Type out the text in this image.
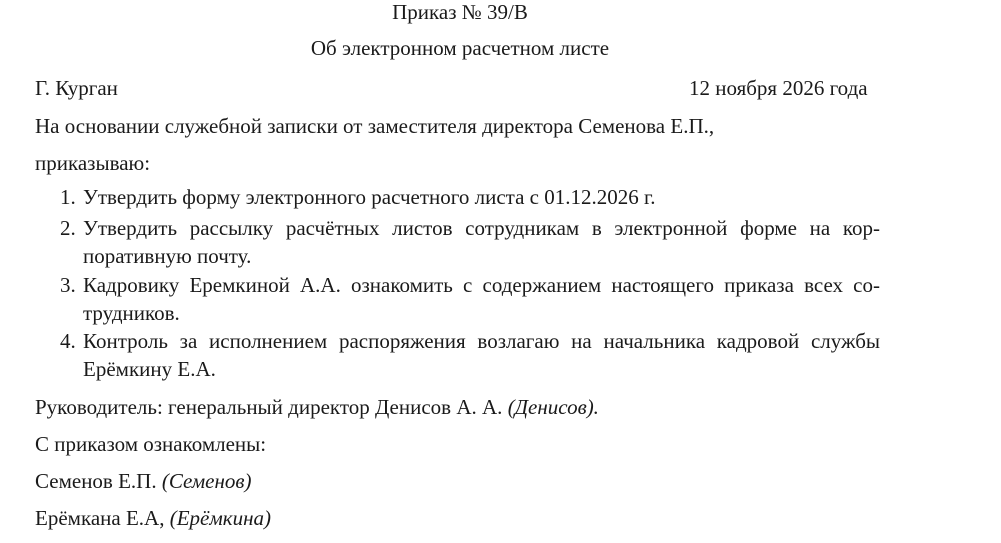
Приказ № 39/В
Об электронном расчетном листе
Г. Курган	12 ноября 2026 года
На основании служебной записки от заместителя директора Семенова Е.П.,
приказываю:
1. Утвердить форму электронного расчетного листа с 01.12.2026 г.
2. Утвердить рассылку расчётных листов сотрудникам в электронной форме на кор-
поративную почту.
3. Кадровику Еремкиной А.А. ознакомить с содержанием настоящего приказа всех со-
трудников.
4. Контроль за исполнением распоряжения возлагаю на начальника кадровой службы
Ерёмкину Е.А.
Руководитель: генеральный директор Денисов А. А. (Денисов).
С приказом ознакомлены:
Семенов Е.П. (Семенов)
Ерёмкана Е.А, (Ерёмкина)
